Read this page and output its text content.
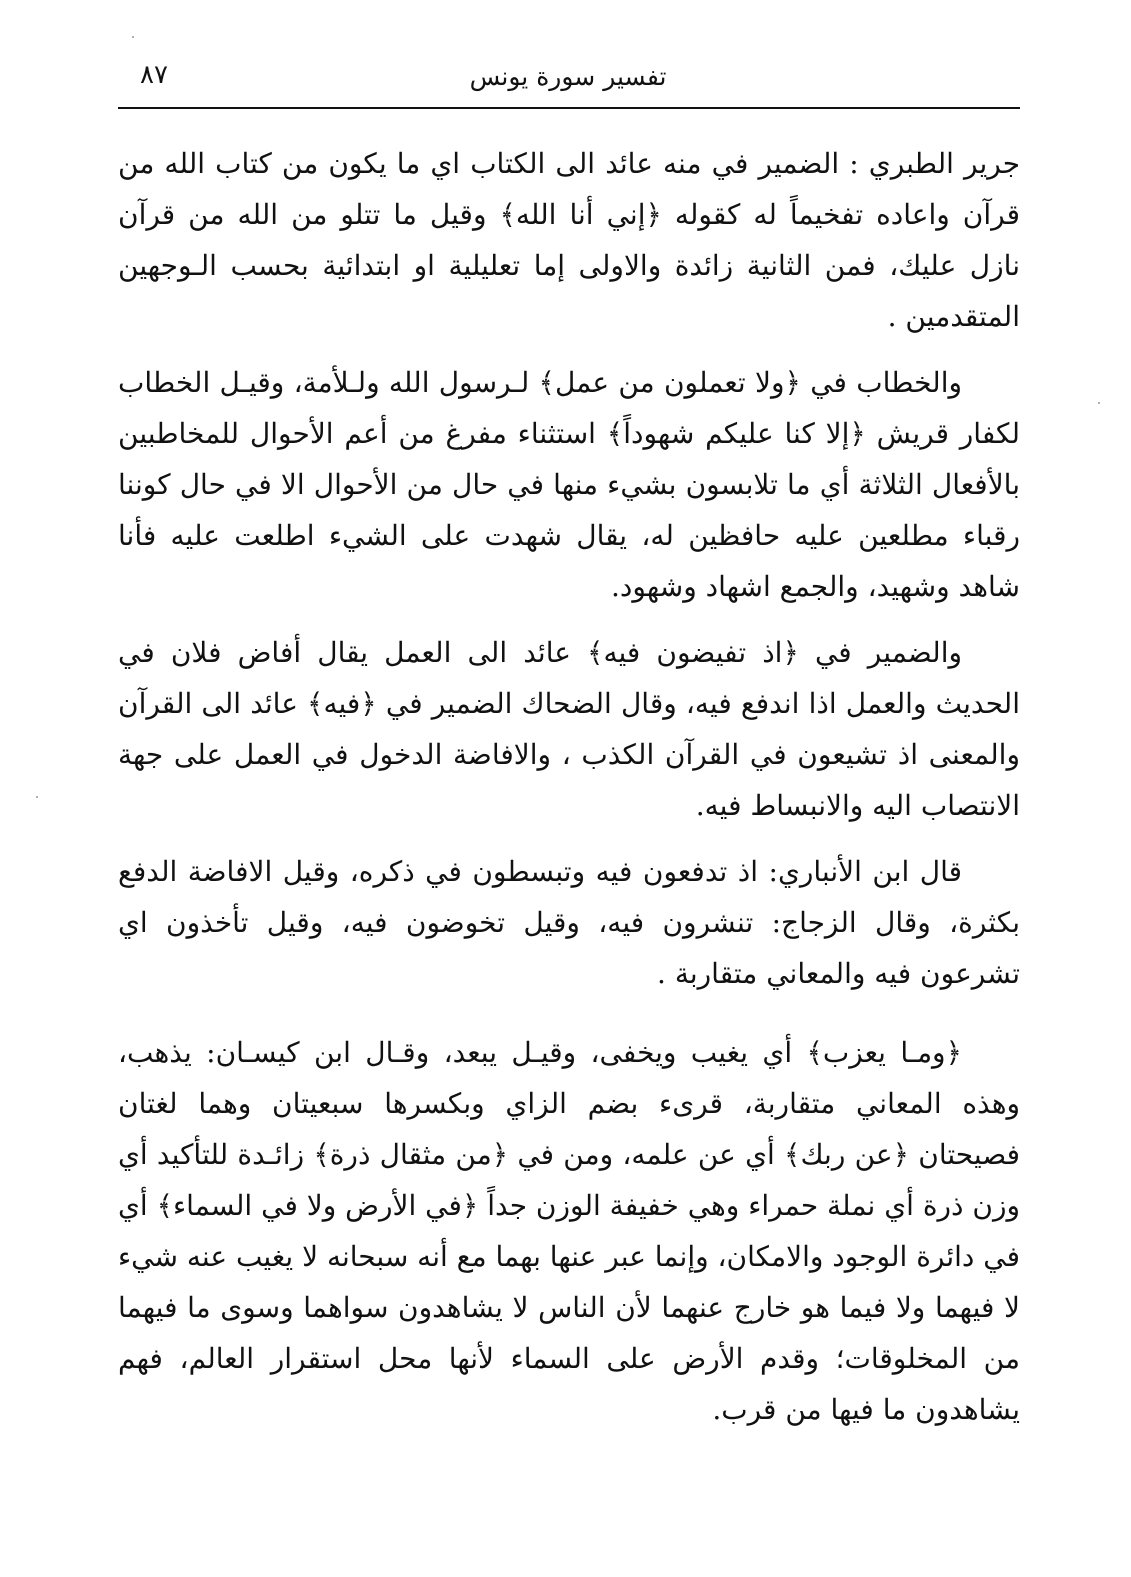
٨٧	تفسير سورة يونس

جرير الطبري : الضمير في منه عائد الى الكتاب اي ما يكون من كتاب الله من قرآن واعاده تفخيماً له كقوله ﴿إني أنا الله﴾ وقيل ما تتلو من الله من قرآن نازل عليك، فمن الثانية زائدة والاولى إما تعليلية او ابتدائية بحسب الـوجهين المتقدمين .

والخطاب في ﴿ولا تعملون من عمل﴾ لـرسول الله ولـلأمة، وقيـل الخطاب لكفار قريش ﴿إلا كنا عليكم شهوداً﴾ استثناء مفرغ من أعم الأحوال للمخاطبين بالأفعال الثلاثة أي ما تلابسون بشيء منها في حال من الأحوال الا في حال كوننا رقباء مطلعين عليه حافظين له، يقال شهدت على الشيء اطلعت عليه فأنا شاهد وشهيد، والجمع اشهاد وشهود.

والضمير في ﴿اذ تفيضون فيه﴾ عائد الى العمل يقال أفاض فلان في الحديث والعمل اذا اندفع فيه، وقال الضحاك الضمير في ﴿فيه﴾ عائد الى القرآن والمعنى اذ تشيعون في القرآن الكذب ، والافاضة الدخول في العمل على جهة الانتصاب اليه والانبساط فيه.

قال ابن الأنباري: اذ تدفعون فيه وتبسطون في ذكره، وقيل الافاضة الدفع بكثرة، وقال الزجاج: تنشرون فيه، وقيل تخوضون فيه، وقيل تأخذون اي تشرعون فيه والمعاني متقاربة .

﴿ومـا يعزب﴾ أي يغيب ويخفى، وقيـل يبعد، وقـال ابن كيسـان: يذهب، وهذه المعاني متقاربة، قرىء بضم الزاي وبكسرها سبعيتان وهما لغتان فصيحتان ﴿عن ربك﴾ أي عن علمه، ومن في ﴿من مثقال ذرة﴾ زائـدة للتأكيد أي وزن ذرة أي نملة حمراء وهي خفيفة الوزن جداً ﴿في الأرض ولا في السماء﴾ أي في دائرة الوجود والامكان، وإنما عبر عنها بهما مع أنه سبحانه لا يغيب عنه شيء لا فيهما ولا فيما هو خارج عنهما لأن الناس لا يشاهدون سواهما وسوى ما فيهما من المخلوقات؛ وقدم الأرض على السماء لأنها محل استقرار العالم، فهم يشاهدون ما فيها من قرب.
